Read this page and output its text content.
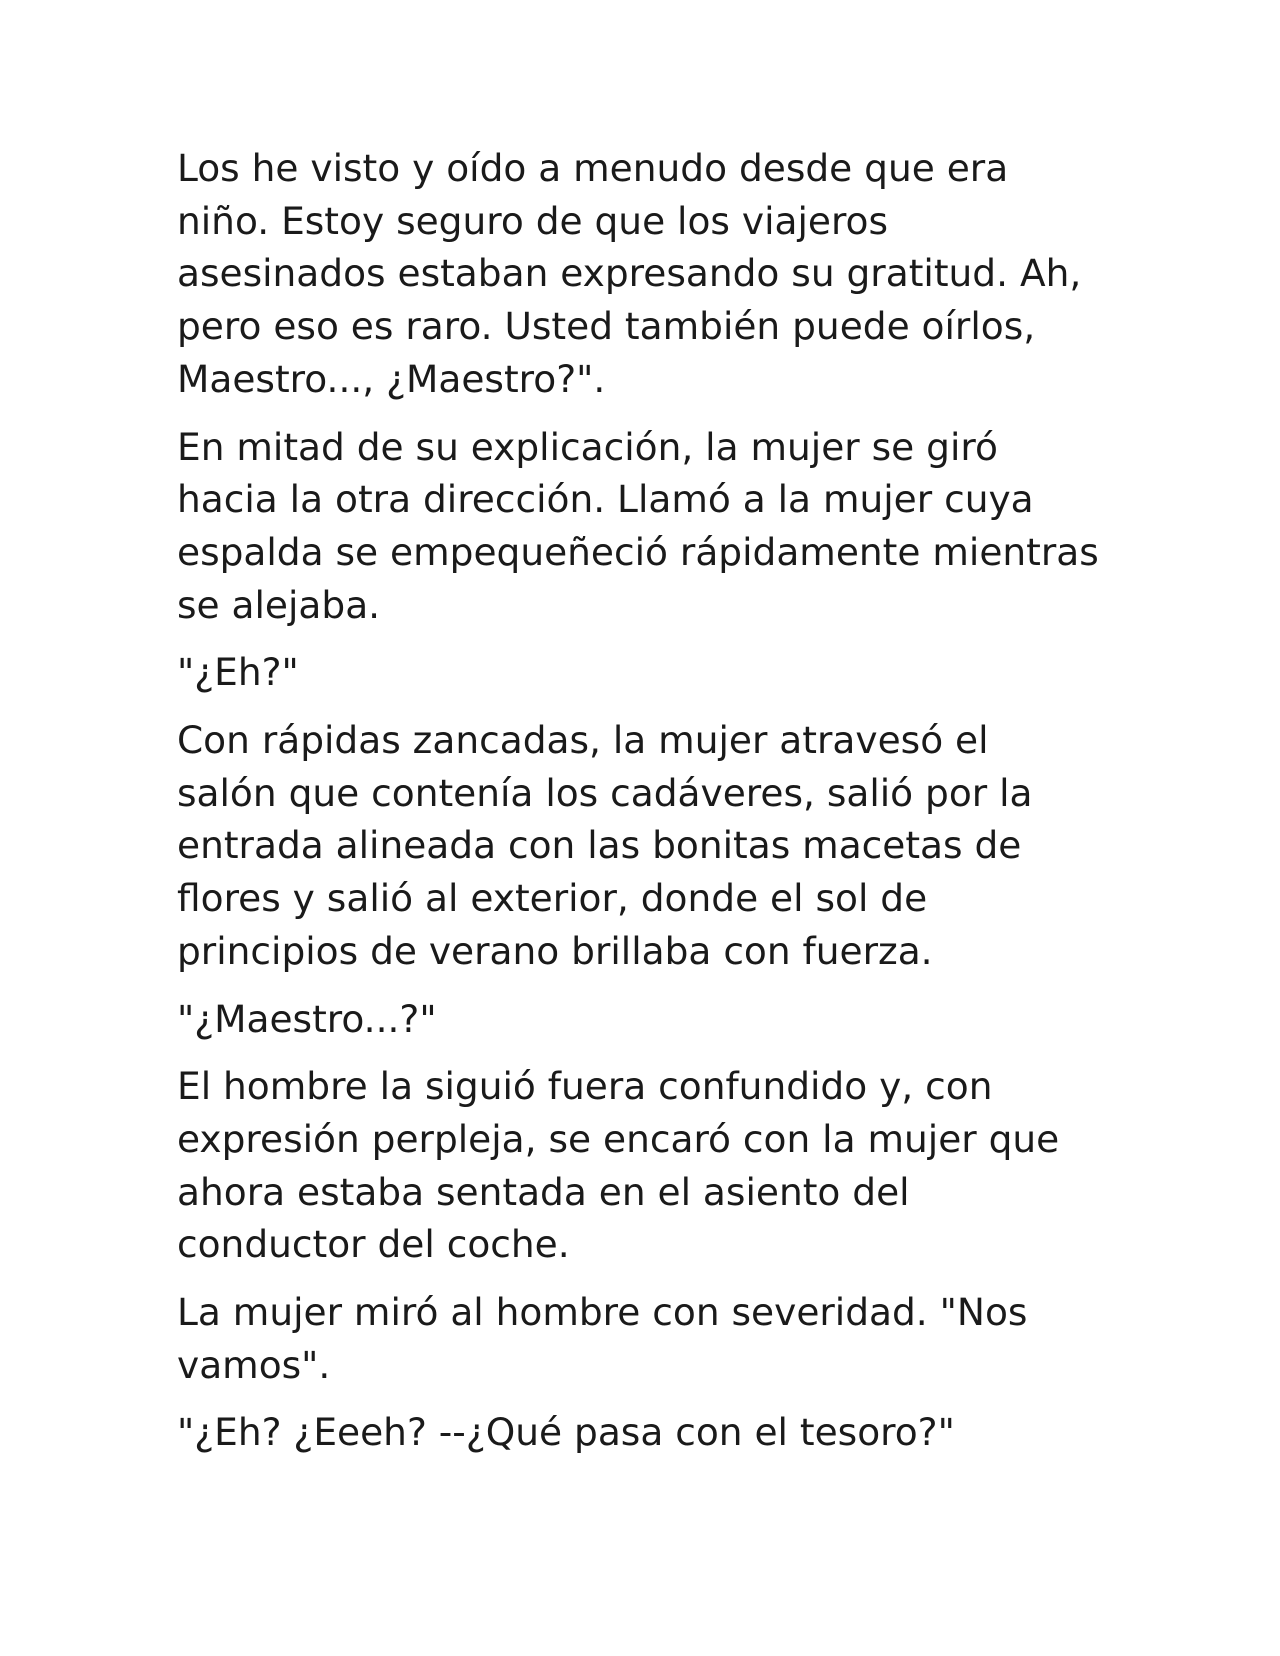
Los he visto y oído a menudo desde que era
niño. Estoy seguro de que los viajeros
asesinados estaban expresando su gratitud. Ah,
pero eso es raro. Usted también puede oírlos,
Maestro..., ¿Maestro?".

En mitad de su explicación, la mujer se giró
hacia la otra dirección. Llamó a la mujer cuya
espalda se empequeñeció rápidamente mientras
se alejaba.

"¿Eh?"

Con rápidas zancadas, la mujer atravesó el
salón que contenía los cadáveres, salió por la
entrada alineada con las bonitas macetas de
flores y salió al exterior, donde el sol de
principios de verano brillaba con fuerza.

"¿Maestro...?"

El hombre la siguió fuera confundido y, con
expresión perpleja, se encaró con la mujer que
ahora estaba sentada en el asiento del
conductor del coche.

La mujer miró al hombre con severidad. "Nos
vamos".

"¿Eh? ¿Eeeh? --¿Qué pasa con el tesoro?"
